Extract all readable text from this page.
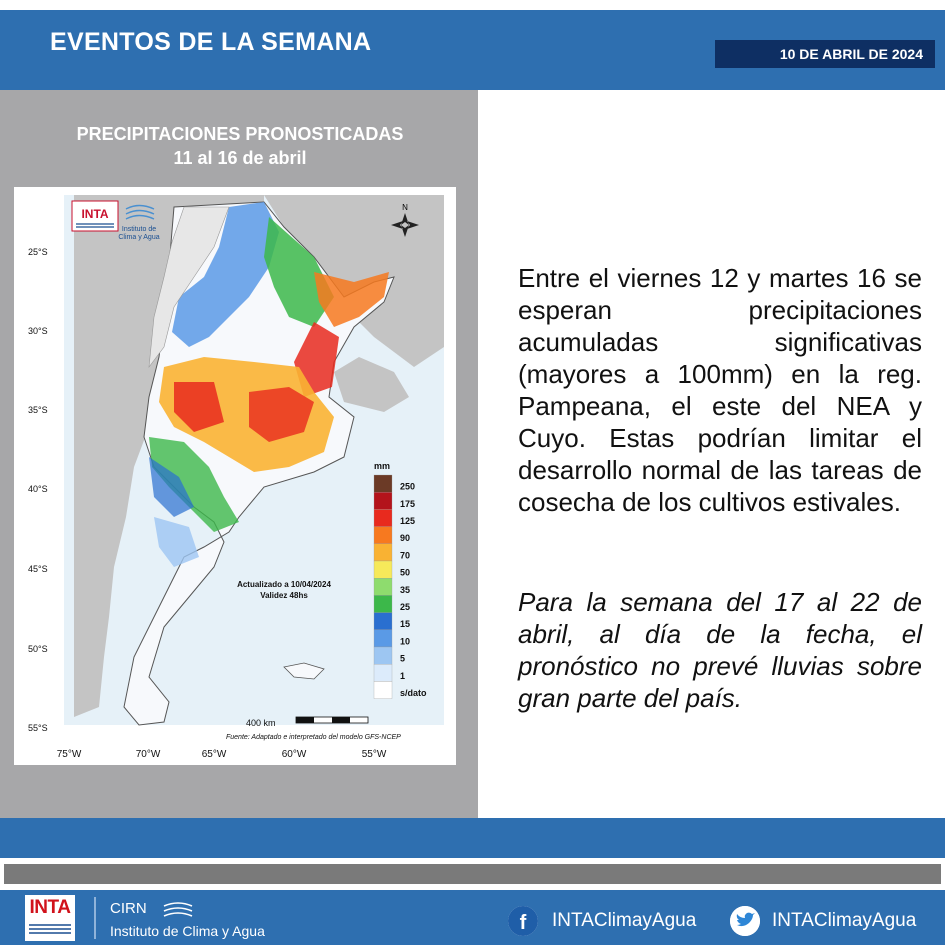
EVENTOS DE LA SEMANA	10 DE ABRIL DE 2024
PRECIPITACIONES PRONOSTICADAS
11 al 16 de abril
INTA
Instituto de
Clima y Agua
N
25°S
30°S
35°S
40°S
45°S
50°S
55°S
75°W	70°W	65°W	60°W	55°W
mm
250
175
125
90
70
50
35
25
15
10
5
1
s/dato
Actualizado a 10/04/2024
Validez 48hs
400 km
Fuente: Adaptado e interpretado del modelo GFS-NCEP
Entre el viernes 12 y martes 16 se esperan precipitaciones acumuladas significativas (mayores a 100mm) en la reg. Pampeana, el este del NEA y Cuyo. Estas podrían limitar el desarrollo normal de las tareas de cosecha de los cultivos estivales.
Para la semana del 17 al 22 de abril, al día de la fecha, el pronóstico no prevé lluvias sobre gran parte del país.
INTA	CIRN
Instituto de Clima y Agua	f INTAClimayAgua	INTAClimayAgua
